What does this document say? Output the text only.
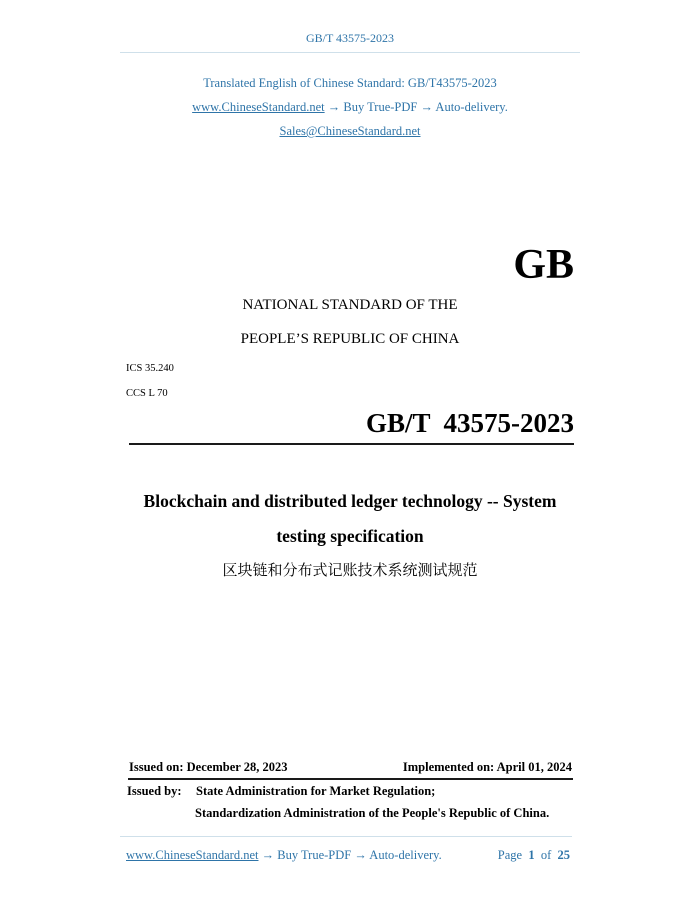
GB/T 43575-2023
Translated English of Chinese Standard: GB/T43575-2023
www.ChineseStandard.net → Buy True-PDF → Auto-delivery.
Sales@ChineseStandard.net
GB
NATIONAL STANDARD OF THE
PEOPLE’S REPUBLIC OF CHINA
ICS 35.240
CCS L 70
GB/T  43575-2023
Blockchain and distributed ledger technology -- System
testing specification
区块链和分布式记账技术系统测试规范
Issued on: December 28, 2023	Implemented on: April 01, 2024
Issued by: State Administration for Market Regulation;
Standardization Administration of the People's Republic of China.
www.ChineseStandard.net → Buy True-PDF → Auto-delivery.	Page 1 of 25
